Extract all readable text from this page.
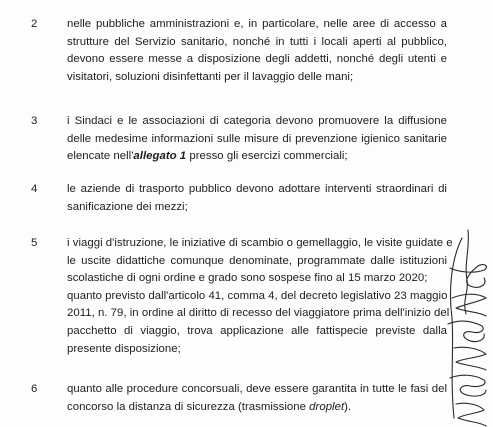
2	nelle pubbliche amministrazioni e, in particolare, nelle aree di accesso a
strutture del Servizio sanitario, nonché in tutti i locali aperti al pubblico,
devono essere messe a disposizione degli addetti, nonché degli utenti e
visitatori, soluzioni disinfettanti per il lavaggio delle mani;
3	i Sindaci e le associazioni di categoria devono promuovere la diffusione
delle medesime informazioni sulle misure di prevenzione igienico sanitarie
elencate nell'allegato 1 presso gli esercizi commerciali;
4	le aziende di trasporto pubblico devono adottare interventi straordinari di
sanificazione dei mezzi;
5	i viaggi d'istruzione, le iniziative di scambio o gemellaggio, le visite guidate e
le uscite didattiche comunque denominate, programmate dalle istituzioni
scolastiche di ogni ordine e grado sono sospese fino al 15 marzo 2020;
quanto previsto dall'articolo 41, comma 4, del decreto legislativo 23 maggio
2011, n. 79, in ordine al diritto di recesso del viaggiatore prima dell'inizio del
pacchetto di viaggio, trova applicazione alle fattispecie previste dalla
presente disposizione;
6	quanto alle procedure concorsuali, deve essere garantita in tutte le fasi del
concorso la distanza di sicurezza (trasmissione droplet).
